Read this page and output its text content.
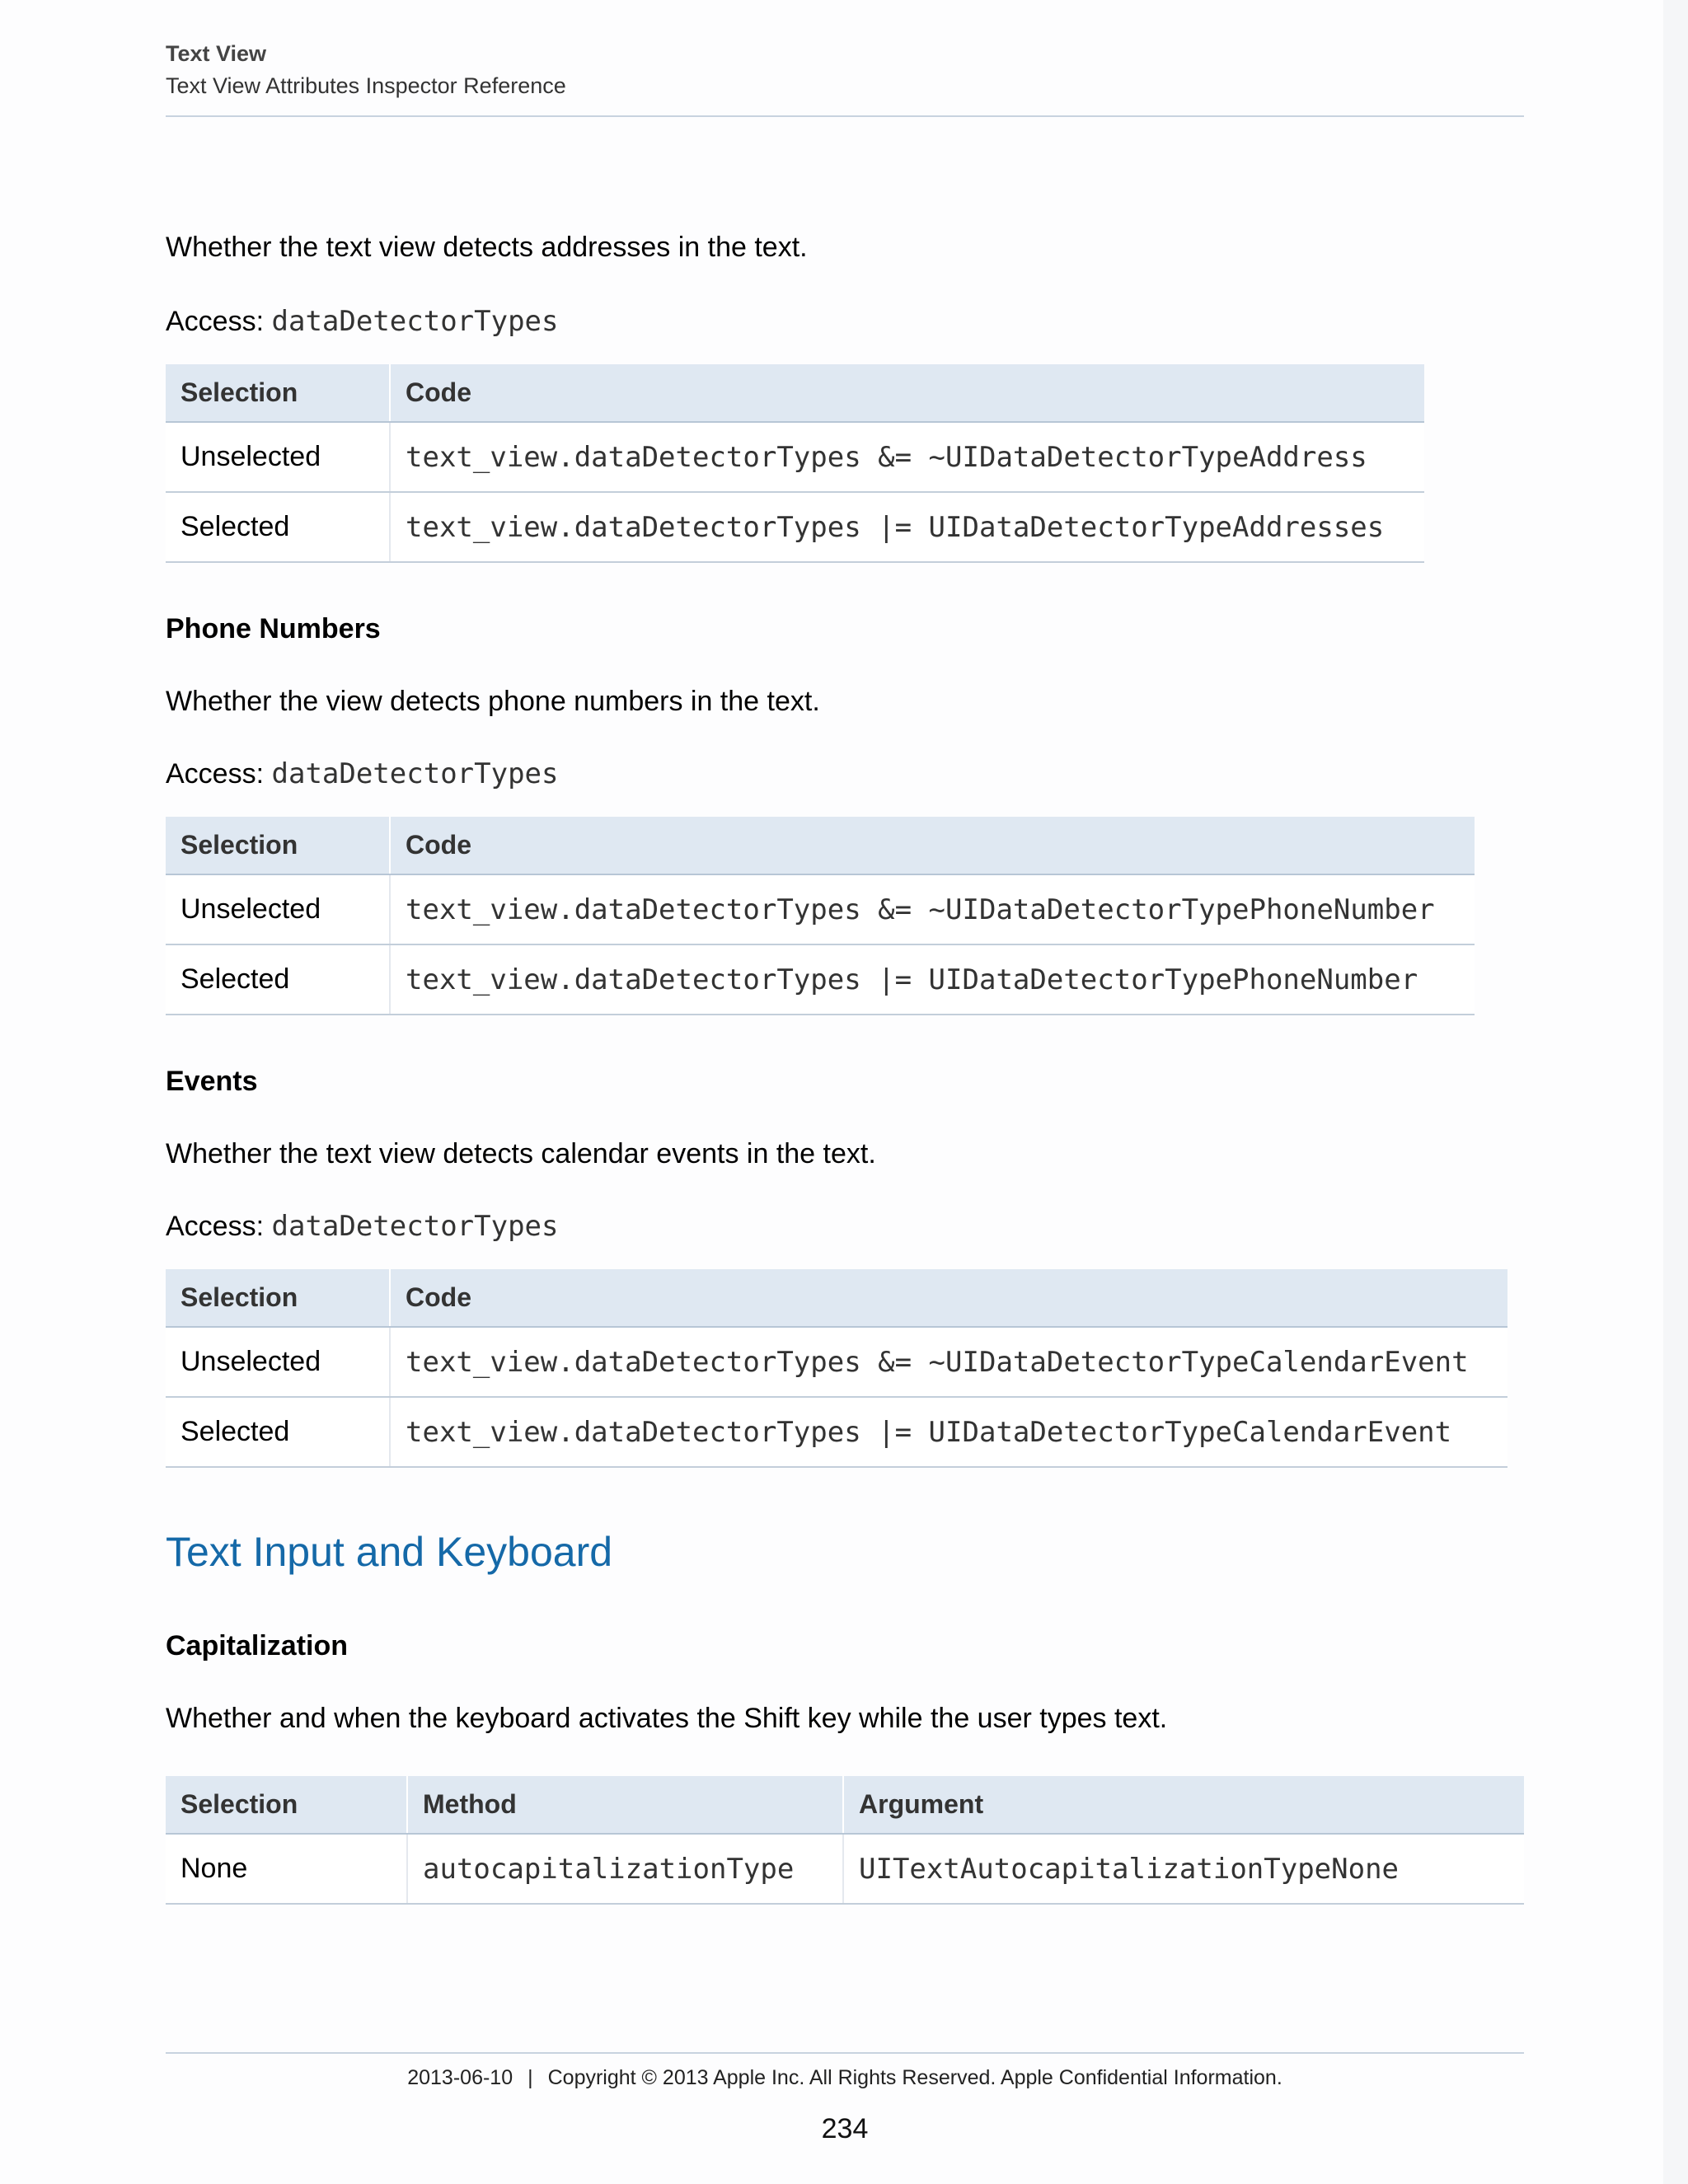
Text View
Text View Attributes Inspector Reference

Whether the text view detects addresses in the text.

Access: dataDetectorTypes

Selection	Code
Unselected	text_view.dataDetectorTypes &= ~UIDataDetectorTypeAddress
Selected	text_view.dataDetectorTypes |= UIDataDetectorTypeAddresses
Phone Numbers

Whether the view detects phone numbers in the text.

Access: dataDetectorTypes

Selection	Code
Unselected	text_view.dataDetectorTypes &= ~UIDataDetectorTypePhoneNumber
Selected	text_view.dataDetectorTypes |= UIDataDetectorTypePhoneNumber
Events

Whether the text view detects calendar events in the text.

Access: dataDetectorTypes

Selection	Code
Unselected	text_view.dataDetectorTypes &= ~UIDataDetectorTypeCalendarEvent
Selected	text_view.dataDetectorTypes |= UIDataDetectorTypeCalendarEvent
Text Input and Keyboard
Capitalization

Whether and when the keyboard activates the Shift key while the user types text.

Selection	Method	Argument
None	autocapitalizationType	UITextAutocapitalizationTypeNone
2013-06-10 | Copyright © 2013 Apple Inc. All Rights Reserved. Apple Confidential Information.
234
